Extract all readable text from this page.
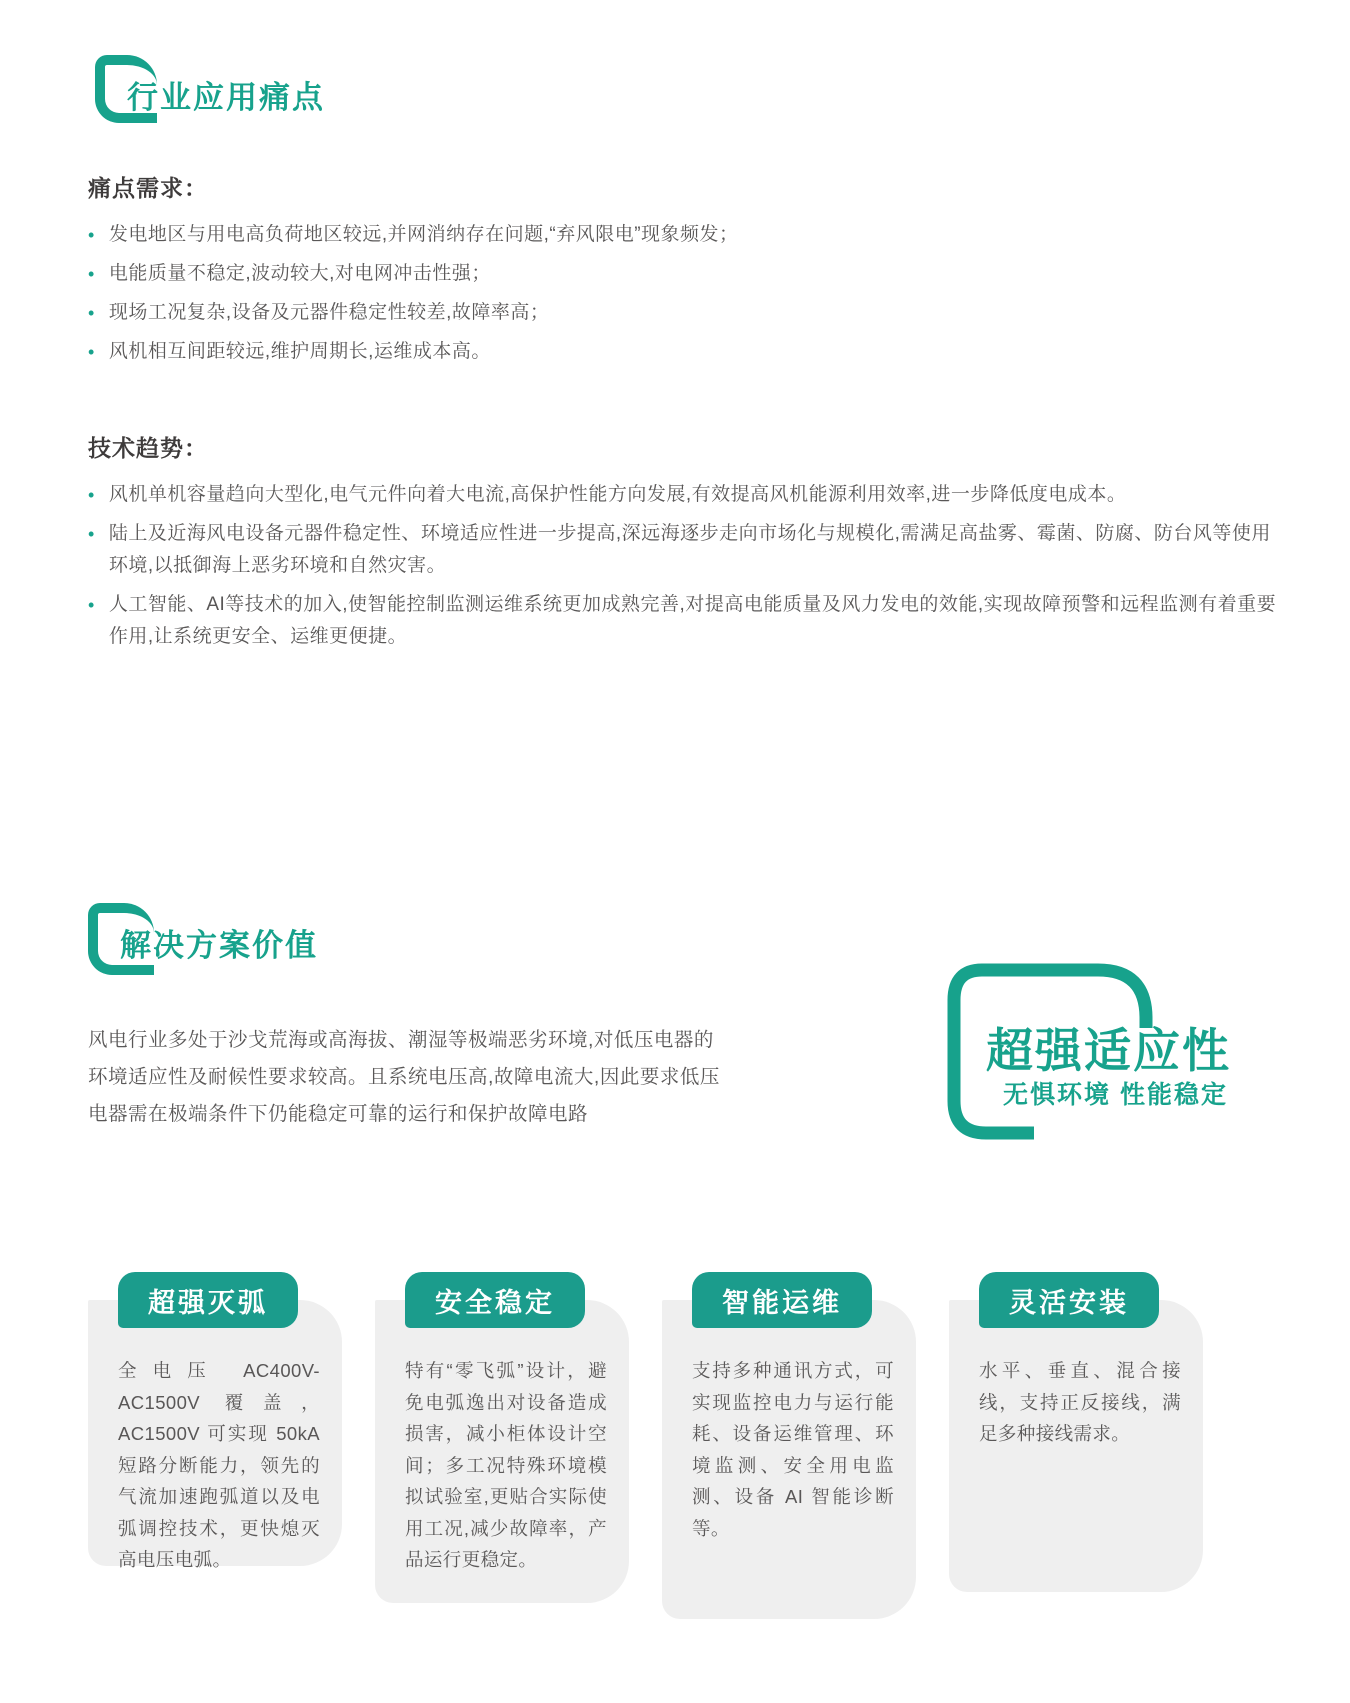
行业应用痛点

痛点需求：

• 发电地区与用电高负荷地区较远,并网消纳存在问题,“弃风限电”现象频发；
• 电能质量不稳定,波动较大,对电网冲击性强；
• 现场工况复杂,设备及元器件稳定性较差,故障率高；
• 风机相互间距较远,维护周期长,运维成本高。

技术趋势：

• 风机单机容量趋向大型化,电气元件向着大电流,高保护性能方向发展,有效提高风机能源利用效率,进一步降低度电成本。
• 陆上及近海风电设备元器件稳定性、环境适应性进一步提高,深远海逐步走向市场化与规模化,需满足高盐雾、霉菌、防腐、防台风等使用环境,以抵御海上恶劣环境和自然灾害。
• 人工智能、AI等技术的加入,使智能控制监测运维系统更加成熟完善,对提高电能质量及风力发电的效能,实现故障预警和远程监测有着重要作用,让系统更安全、运维更便捷。
解决方案价值

风电行业多处于沙戈荒海或高海拔、潮湿等极端恶劣环境,对低压电器的环境适应性及耐候性要求较高。且系统电压高,故障电流大,因此要求低压电器需在极端条件下仍能稳定可靠的运行和保护故障电路

超强适应性

无惧环境 性能稳定

超强灭弧
全电压 AC400V-AC1500V 覆盖，AC1500V 可实现 50kA 短路分断能力，领先的气流加速跑弧道以及电弧调控技术，更快熄灭高电压电弧。
安全稳定
特有“零飞弧”设计，避免电弧逸出对设备造成损害，减小柜体设计空间；多工况特殊环境模拟试验室,更贴合实际使用工况,减少故障率，产品运行更稳定。
智能运维
支持多种通讯方式，可实现监控电力与运行能耗、设备运维管理、环境监测、安全用电监测、设备 AI 智能诊断等。
灵活安装
水平、垂直、混合接线，支持正反接线，满足多种接线需求。
